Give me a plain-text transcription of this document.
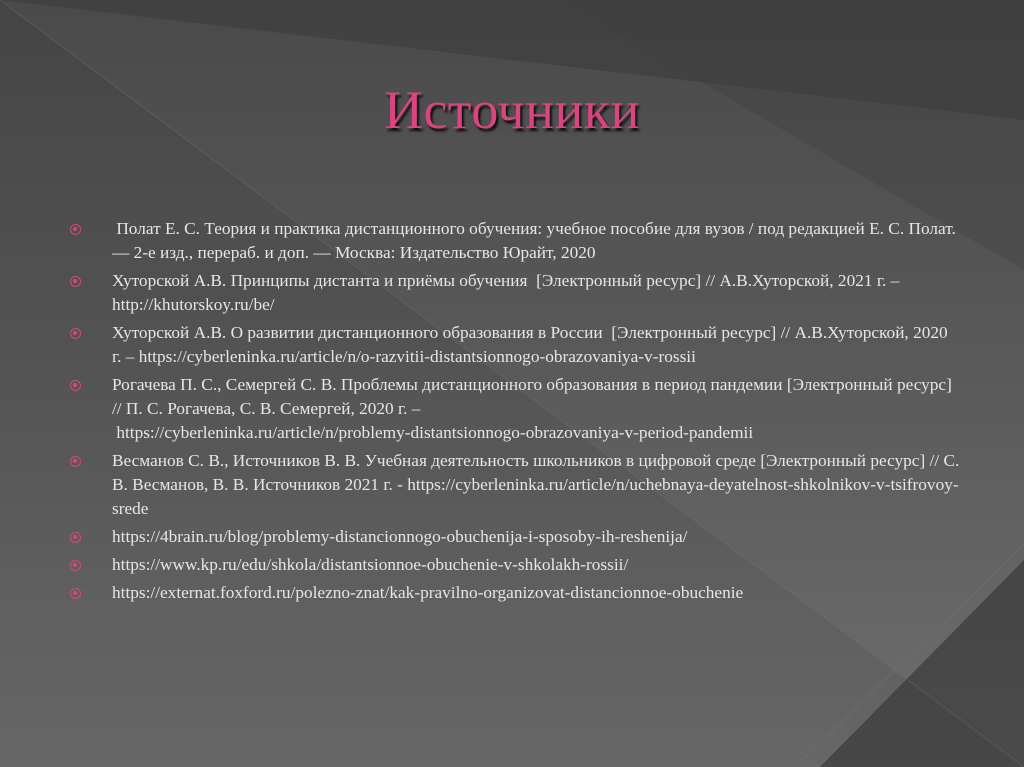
Источники
Полат Е. С. Теория и практика дистанционного обучения: учебное пособие для вузов / под редакцией Е. С. Полат. — 2-е изд., перераб. и доп. — Москва: Издательство Юрайт, 2020
Хуторской А.В. Принципы дистанта и приёмы обучения  [Электронный ресурс] // А.В.Хуторской, 2021 г. – http://khutorskoy.ru/be/
Хуторской А.В. О развитии дистанционного образования в России  [Электронный ресурс] // А.В.Хуторской, 2020 г. – https://cyberleninka.ru/article/n/o-razvitii-distantsionnogo-obrazovaniya-v-rossii
Рогачева П. С., Семергей С. В. Проблемы дистанционного образования в период пандемии [Электронный ресурс] // П. С. Рогачева, С. В. Семергей, 2020 г. –
https://cyberleninka.ru/article/n/problemy-distantsionnogo-obrazovaniya-v-period-pandemii
Весманов С. В., Источников В. В. Учебная деятельность школьников в цифровой среде [Электронный ресурс] // С. В. Весманов, В. В. Источников 2021 г. - https://cyberleninka.ru/article/n/uchebnaya-deyatelnost-shkolnikov-v-tsifrovoy-srede
https://4brain.ru/blog/problemy-distancionnogo-obuchenija-i-sposoby-ih-reshenija/
https://www.kp.ru/edu/shkola/distantsionnoe-obuchenie-v-shkolakh-rossii/
https://externat.foxford.ru/polezno-znat/kak-pravilno-organizovat-distancionnoe-obuchenie
